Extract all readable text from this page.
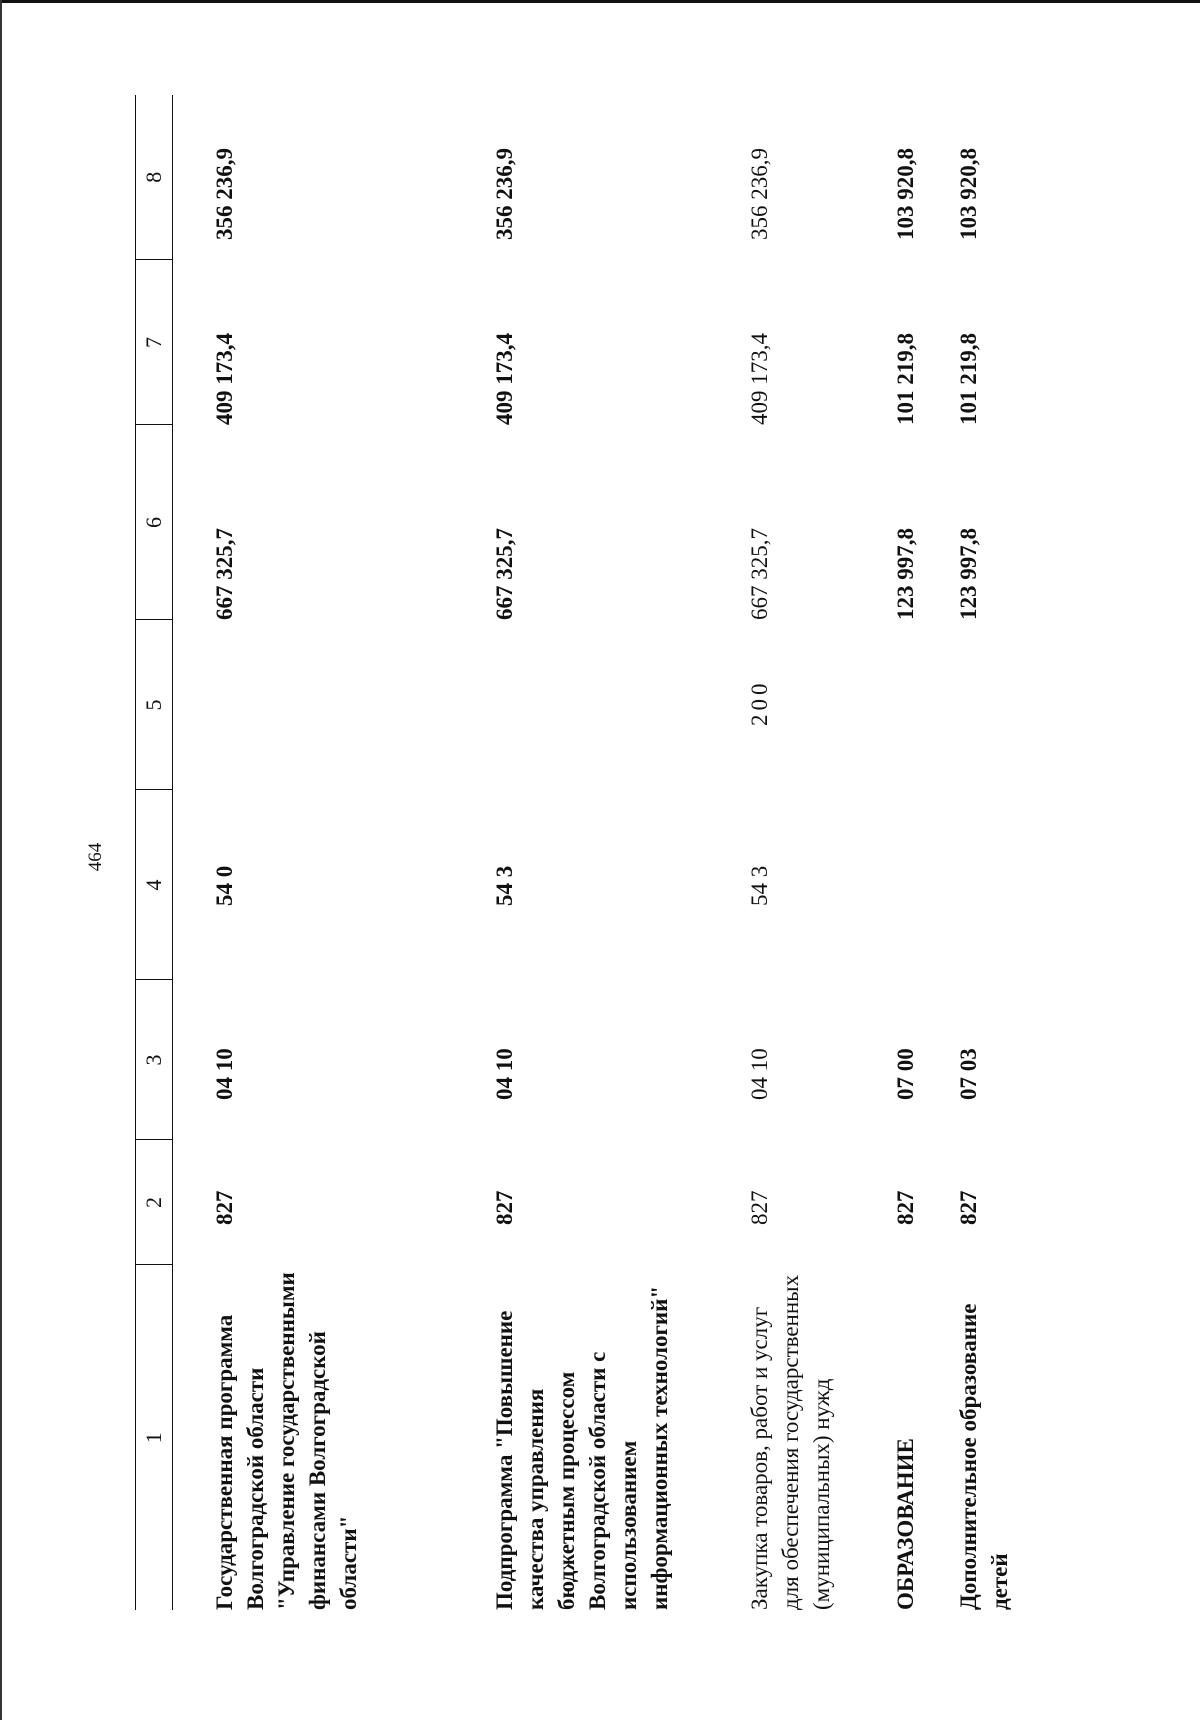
464
1	2	3	4	5	6	7	8
Государственная программа Волгоградской области "Управление государственными финансами Волгоградской области"	827	04 10	54 0		667 325,7	409 173,4	356 236,9
Подпрограмма "Повышение качества управления бюджетным процессом Волгоградской области с использованием информационных технологий"	827	04 10	54 3		667 325,7	409 173,4	356 236,9
Закупка товаров, работ и услуг для обеспечения государственных (муниципальных) нужд	827	04 10	54 3	200	667 325,7	409 173,4	356 236,9
ОБРАЗОВАНИЕ	827	07 00			123 997,8	101 219,8	103 920,8
Дополнительное образование детей	827	07 03			123 997,8	101 219,8	103 920,8
